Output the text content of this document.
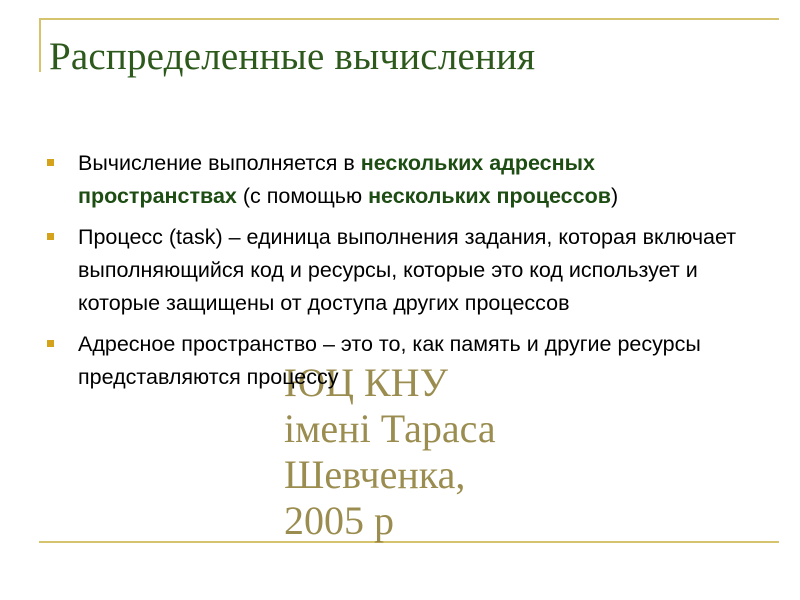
Распределенные вычисления
ЮЦ КНУ
імені Тараса
Шевченка,
2005 р
Вычисление выполняется в нескольких адресных пространствах (с помощью нескольких процессов)
Процесс (task) – единица выполнения задания, которая включает выполняющийся код и ресурсы, которые это код использует и которые защищены от доступа других процессов
Адресное пространство – это то, как память и другие ресурсы представляются процессу
